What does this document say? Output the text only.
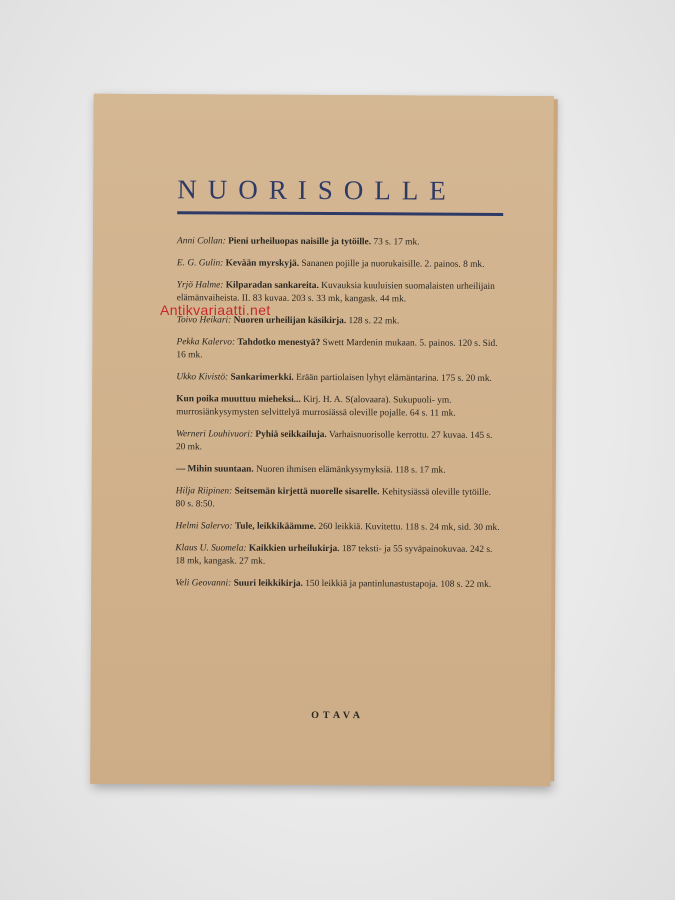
NUORISOLLE
Anni Collan: Pieni urheiluopas naisille ja tytöille. 73 s. 17 mk.
E. G. Gulin: Kevään myrskyjä. Sananen pojille ja nuorukaisille. 2. painos. 8 mk.
Yrjö Halme: Kilparadan sankareita. Kuvauksia kuuluisien suomalaisten urheilijain elämänvaiheista. II. 83 kuvaa. 203 s. 33 mk, kangask. 44 mk.
Toivo Heikari: Nuoren urheilijan käsikirja. 128 s. 22 mk.
Pekka Kalervo: Tahdotko menestyä? Swett Mardenin mukaan. 5. painos. 120 s. Sid. 16 mk.
Ukko Kivistö: Sankarimerkki. Erään partiolaisen lyhyt elämäntarina. 175 s. 20 mk.
Kun poika muuttuu mieheksi... Kirj. H. A. S(alovaara). Sukupuoli- ym. murrosiänkysymysten selvittelyä murrosiässä oleville pojalle. 64 s. 11 mk.
Werneri Louhivuori: Pyhiä seikkailuja. Varhaisnuorisolle kerrottu. 27 kuvaa. 145 s. 20 mk.
— Mihin suuntaan. Nuoren ihmisen elämänkysymyksiä. 118 s. 17 mk.
Hilja Riipinen: Seitsemän kirjettä nuorelle sisarelle. Kehitysiässä oleville tytöille. 80 s. 8:50.
Helmi Salervo: Tule, leikkikäämme. 260 leikkiä. Kuvitettu. 118 s. 24 mk, sid. 30 mk.
Klaus U. Suomela: Kaikkien urheilukirja. 187 teksti- ja 55 syväpainokuvaa. 242 s. 18 mk, kangask. 27 mk.
Veli Geovanni: Suuri leikkikirja. 150 leikkiä ja pantinlunastustapoja. 108 s. 22 mk.
OTAVA
Antikvariaatti.net
